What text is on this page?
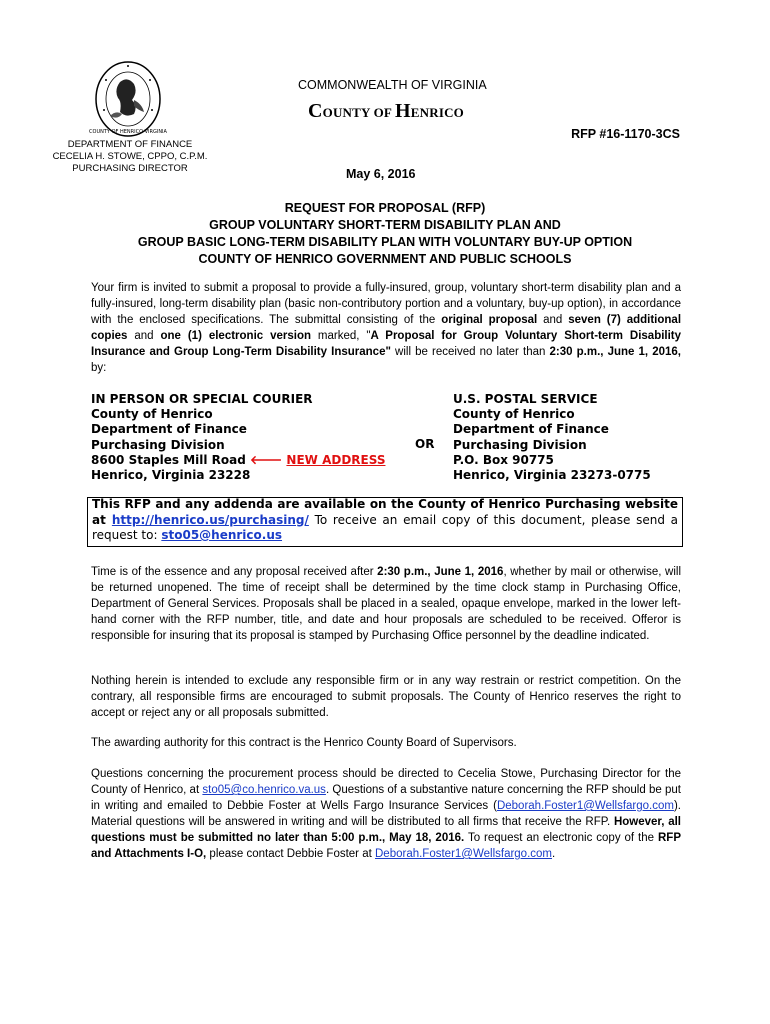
COUNTY OF HENRICO VIRGINIA
DEPARTMENT OF FINANCE
CECELIA H. STOWE, CPPO, C.P.M.
PURCHASING DIRECTOR
COMMONWEALTH OF VIRGINIA
COUNTY OF HENRICO
RFP #16-1170-3CS
May 6, 2016
REQUEST FOR PROPOSAL (RFP)
GROUP VOLUNTARY SHORT-TERM DISABILITY PLAN AND
GROUP BASIC LONG-TERM DISABILITY PLAN WITH VOLUNTARY BUY-UP OPTION
COUNTY OF HENRICO GOVERNMENT AND PUBLIC SCHOOLS
Your firm is invited to submit a proposal to provide a fully-insured, group, voluntary short-term disability plan and a fully-insured, long-term disability plan (basic non-contributory portion and a voluntary, buy-up option), in accordance with the enclosed specifications. The submittal consisting of the original proposal and seven (7) additional copies and one (1) electronic version marked, "A Proposal for Group Voluntary Short-term Disability Insurance and Group Long-Term Disability Insurance" will be received no later than 2:30 p.m., June 1, 2016, by:
IN PERSON OR SPECIAL COURIER
County of Henrico
Department of Finance
Purchasing Division
8600 Staples Mill Road 🡐 NEW ADDRESS
Henrico, Virginia 23228
OR
U.S. POSTAL SERVICE
County of Henrico
Department of Finance
Purchasing Division
P.O. Box 90775
Henrico, Virginia 23273-0775
This RFP and any addenda are available on the County of Henrico Purchasing website at http://henrico.us/purchasing/ To receive an email copy of this document, please send a request to: sto05@henrico.us
Time is of the essence and any proposal received after 2:30 p.m., June 1, 2016, whether by mail or otherwise, will be returned unopened. The time of receipt shall be determined by the time clock stamp in Purchasing Office, Department of General Services. Proposals shall be placed in a sealed, opaque envelope, marked in the lower left-hand corner with the RFP number, title, and date and hour proposals are scheduled to be received. Offeror is responsible for insuring that its proposal is stamped by Purchasing Office personnel by the deadline indicated.
Nothing herein is intended to exclude any responsible firm or in any way restrain or restrict competition. On the contrary, all responsible firms are encouraged to submit proposals. The County of Henrico reserves the right to accept or reject any or all proposals submitted.
The awarding authority for this contract is the Henrico County Board of Supervisors.
Questions concerning the procurement process should be directed to Cecelia Stowe, Purchasing Director for the County of Henrico, at sto05@co.henrico.va.us. Questions of a substantive nature concerning the RFP should be put in writing and emailed to Debbie Foster at Wells Fargo Insurance Services (Deborah.Foster1@Wellsfargo.com). Material questions will be answered in writing and will be distributed to all firms that receive the RFP. However, all questions must be submitted no later than 5:00 p.m., May 18, 2016. To request an electronic copy of the RFP and Attachments I-O, please contact Debbie Foster at Deborah.Foster1@Wellsfargo.com.
